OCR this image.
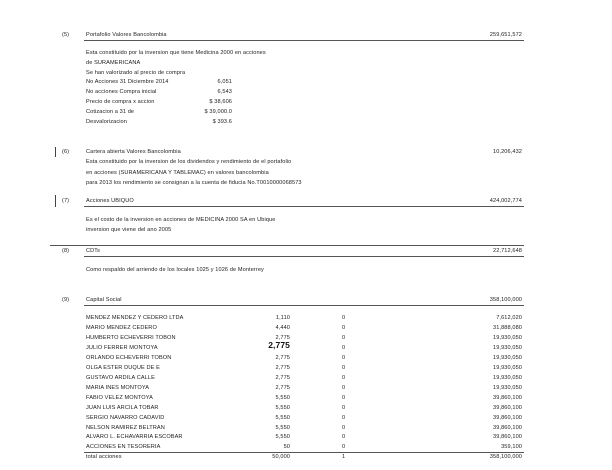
(5)	Portafolio Valores Bancolombia	259,651,572
Esta constituido por la inversion que tiene Medicina 2000 en acciones
de SURAMERICANA
Se han valorizado al precio de compra
No Acciones 31 Diciembre 2014	6,051
No acciones Compra inicial	6,543
Precio de compra x accion	$ 38,606
Cotizacion a 31 de	$ 39,000.0
Desvalorizacion	$ 393.6
(6)	Cartera abierta Valores Bancolombia	10,206,432
Esta constituido por la inversion de los dividendos y rendimiento de el portafolio
en acciones (SURAMERICANA Y TABLEMAC) en valores bancolombia
para 2013 los rendimiento se consignan a la cuenta de fiducia No.T0010000068573
(7)	Acciones UBIQUO	424,002,774
Es el costo de la inversion en acciones de MEDICINA 2000 SA en Ubique
inversion que viene del ano 2005
(8)	CDTs	22,712,648
Como respaldo del arriendo de los locales 1025 y 1026 de Monterrey
(9)	Capital Social	358,100,000
MENDEZ MENDEZ Y CEDERO LTDA	1,110	0	7,612,020
MARIO MENDEZ CEDERO	4,440	0	31,888,080
HUMBERTO ECHEVERRI TOBON	2,775	0	19,930,050
JULIO FERRER MONTOYA	2,775	0	19,930,050
ORLANDO ECHEVERRI TOBON	2,775	0	19,930,050
OLGA ESTER DUQUE DE E	2,775	0	19,930,050
GUSTAVO ARDILA CALLE	2,775	0	19,930,050
MARIA INES MONTOYA	2,775	0	19,930,050
FABIO VELEZ MONTOYA	5,550	0	39,860,100
JUAN LUIS ARCILA TOBAR	5,550	0	39,860,100
SERGIO NAVARRO CADAVID	5,550	0	39,860,100
NELSON RAMIREZ BELTRAN	5,550	0	39,860,100
ALVARO L. ECHAVARRIA ESCOBAR	5,550	0	39,860,100
ACCIONES EN TESORERIA	50	0	359,100
total acciones	50,000	1	358,100,000
